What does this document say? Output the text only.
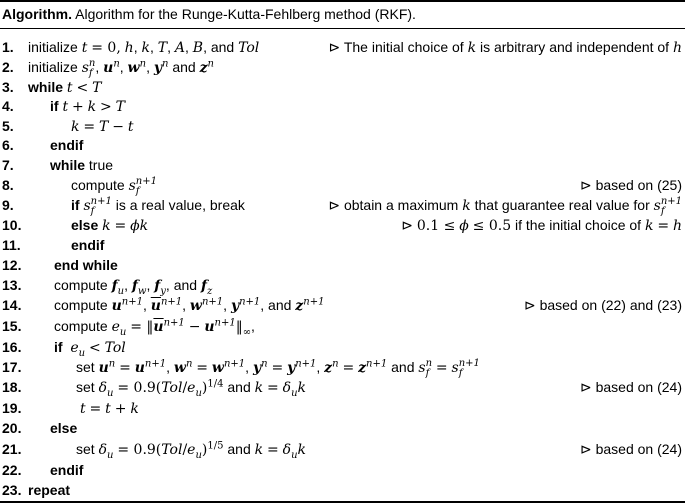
Algorithm. Algorithm for the Runge-Kutta-Fehlberg method (RKF).
1. initialize t = 0, h, k, T, A, B, and Tol	⊳ The initial choice of k is arbitrary and independent of h
2. initialize s n
f , $u^n$, $w^n$, $y^n$ and $z^n$
3. while t < T
4.	if t + k > T
5.	k = T − t
6.	endif
7.	while true
8.	compute s n+1
f	⊳ based on (25)
9.	if s n+1
f	is a real value, break	⊳ obtain a maximum k that guarantee real value for s n+1
f
10.	else k = ϕk	⊳ 0.1 ≤ ϕ ≤ 0.5 if the initial choice of k = h
11.	endif
12. end while
13. compute $f_u$, $f_w$, $f_y$, and $f_z$
14. compute $u^{n+1}$, $\overline{u}^{n+1}$, $w^{n+1}$, $y^{n+1}$, and $z^{n+1}$	⊳ based on (22) and (23)
15. compute $e_u$ = $‖\overline{u}^{n+1}$ − $u^{n+1}‖_\infty$,
16. if $e_u$ < Tol
17.	set $u^n = u^{n+1}$, $w^n = w^{n+1}$, $y^n = y^{n+1}$, $z^n = z^{n+1}$ and s n
f = s n+1
f
18.	set $\delta_u = 0.9(Tol/e_u)^{1/4}$ and $k = \delta_uk$	⊳ based on (24)
19.	t = t + k
20. else
21.	set $\delta_u = 0.9(Tol/e_u)^{1/5}$ and $k = \delta_uk$	⊳ based on (24)
22. endif
23. repeat
